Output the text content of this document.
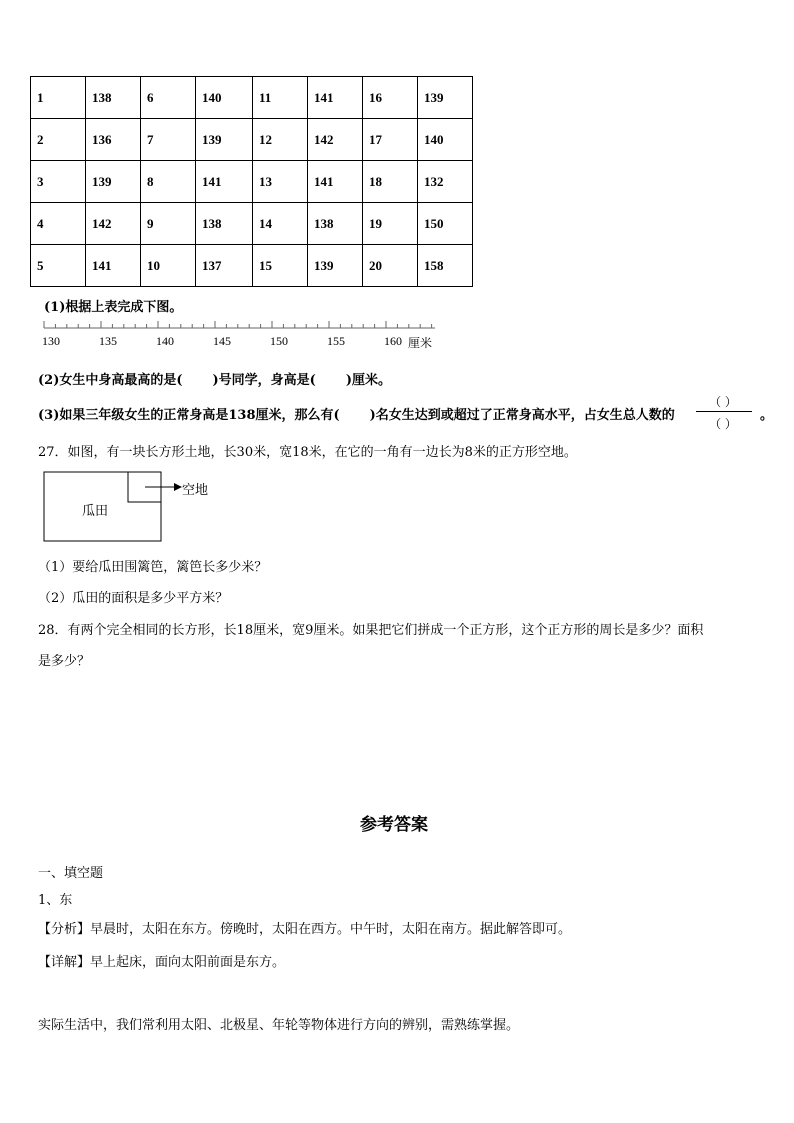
1	138	6	140	11	141	16	139
2	136	7	139	12	142	17	140
3	139	8	141	13	141	18	132
4	142	9	138	14	138	19	150
5	141	10	137	15	139	20	158
(1)根据上表完成下图。
130	135	140	145	150	155	160 厘米
(2)女生中身高最高的是( )号同学，身高是( )厘米。
(3)如果三年级女生的正常身高是138厘米，那么有( )名女生达到或超过了正常身高水平，占女生总人数的
（ ）
（ ）
。
27．如图，有一块长方形土地，长30米，宽18米，在它的一角有一边长为8米的正方形空地。
瓜田
空地
（1）要给瓜田围篱笆，篱笆长多少米？
（2）瓜田的面积是多少平方米？
28．有两个完全相同的长方形，长18厘米，宽9厘米。如果把它们拼成一个正方形，这个正方形的周长是多少？面积
是多少？
参考答案
一、填空题
1、东
【分析】早晨时，太阳在东方。傍晚时，太阳在西方。中午时，太阳在南方。据此解答即可。
【详解】早上起床，面向太阳前面是东方。
实际生活中，我们常利用太阳、北极星、年轮等物体进行方向的辨别，需熟练掌握。
